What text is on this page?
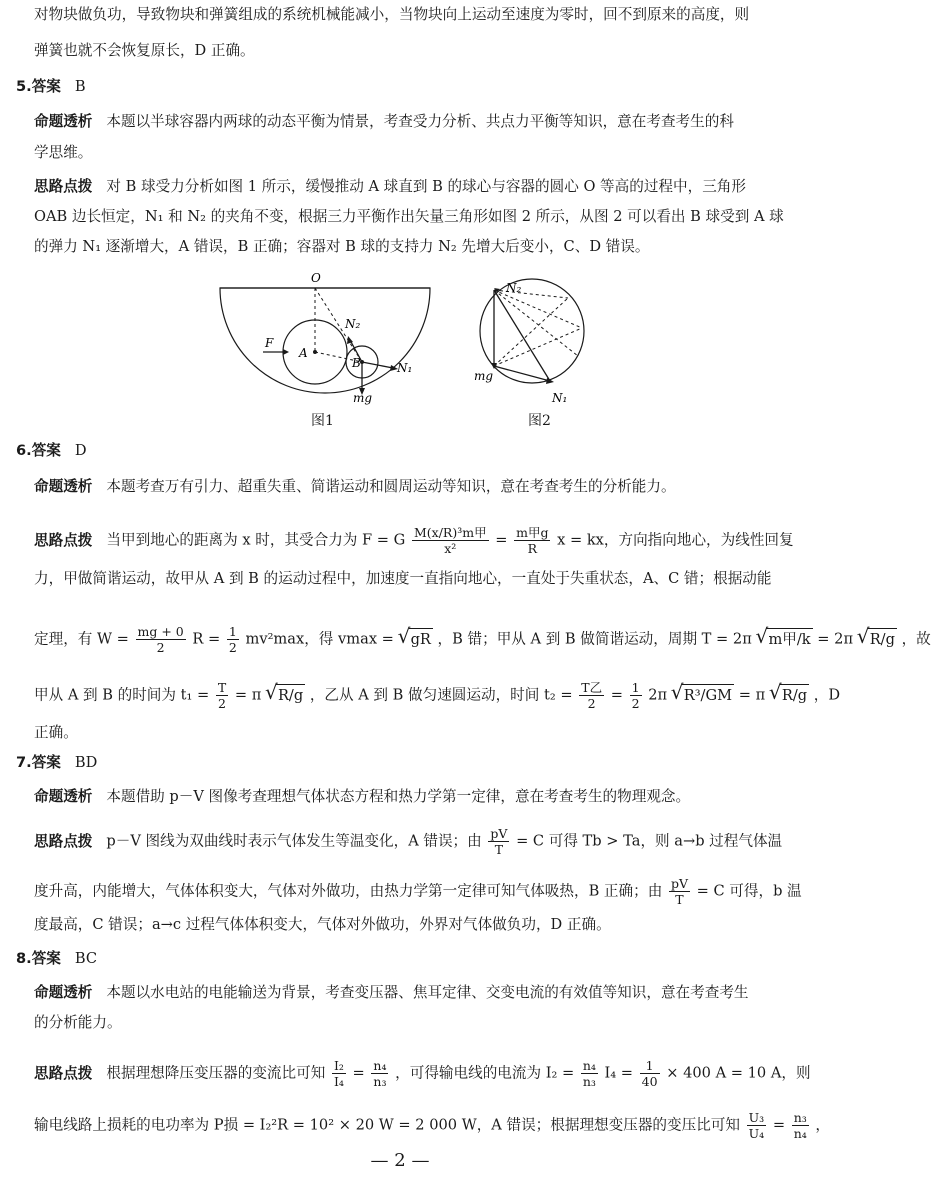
对物块做负功，导致物块和弹簧组成的系统机械能减小，当物块向上运动至速度为零时，回不到原来的高度，则
弹簧也就不会恢复原长，D 正确。
5.答案 B
命题透析 本题以半球容器内两球的动态平衡为情景，考查受力分析、共点力平衡等知识，意在考查考生的科
学思维。
思路点拨 对 B 球受力分析如图 1 所示，缓慢推动 A 球直到 B 的球心与容器的圆心 O 等高的过程中，三角形
OAB 边长恒定，N₁ 和 N₂ 的夹角不变，根据三力平衡作出矢量三角形如图 2 所示，从图 2 可以看出 B 球受到 A 球
的弹力 N₁ 逐渐增大，A 错误，B 正确；容器对 B 球的支持力 N₂ 先增大后变小，C、D 错误。
O
F
A
B
N₂
N₁
mg
图1
N₂
mg
N₁
图2
6.答案 D
命题透析 本题考查万有引力、超重失重、简谐运动和圆周运动等知识，意在考查考生的分析能力。
思路点拨 当甲到地心的距离为 x 时，其受合力为 F = G $\frac{\text{M(x/R)³m甲}}{\text{x²}} = \frac{\text{m甲g}}{R}$ x = kx，方向指向地心，为线性回复
力，甲做简谐运动，故甲从 A 到 B 的运动过程中，加速度一直指向地心，一直处于失重状态，A、C 错；根据动能
定理，有 $W = \frac{mg + 0}{2}$ $R = \frac{1}{2} mv^2\max$，得 vmax = √ gR ，B 错；甲从 A 到 B 做简谐运动，周期 T = 2π √ m甲/k = 2π √ R/g ，故
甲从 A 到 B 的时间为 $t_1 = \frac{T}{2} = \pi$ √ R/g ，乙从 A 到 B 做匀速圆运动，时间 $t_2 = \frac{\text{T乙}}{2} = \frac{1}{2} 2\pi$ √ R³/GM = π √ R/g ，D
正确。
7.答案 BD
命题透析 本题借助 p－V 图像考查理想气体状态方程和热力学第一定律，意在考查考生的物理观念。
思路点拨 p－V 图线为双曲线时表示气体发生等温变化，A 错误；由 $\frac{pV}{T} = C$ 可得 Tb > Ta，则 a→b 过程气体温
度升高，内能增大，气体体积变大，气体对外做功，由热力学第一定律可知气体吸热，B 正确；由 $\frac{pV}{T} = C$ 可得，b 温
度最高，C 错误；a→c 过程气体体积变大，气体对外做功，外界对气体做负功，D 正确。
8.答案 BC
命题透析 本题以水电站的电能输送为背景，考查变压器、焦耳定律、交变电流的有效值等知识，意在考查考生
的分析能力。
思路点拨 根据理想降压变压器的变流比可知 $\frac{\text{I₂}}{\text{I₄}} = \frac{\text{n₄}}{\text{n₃}}$ ，可得输电线的电流为 $I_2 = \frac{\text{n₄}}{\text{n₃}} I_4 = \frac{1}{40} \times 400$ A = 10 A，则
输电线路上损耗的电功率为 P损 = I₂²R = 10² × 20 W = 2 000 W，A 错误；根据理想变压器的变压比可知 $\frac{\text{U₃}}{\text{U₄}} = \frac{\text{n₃}}{\text{n₄}}$ ，
— 2 —
